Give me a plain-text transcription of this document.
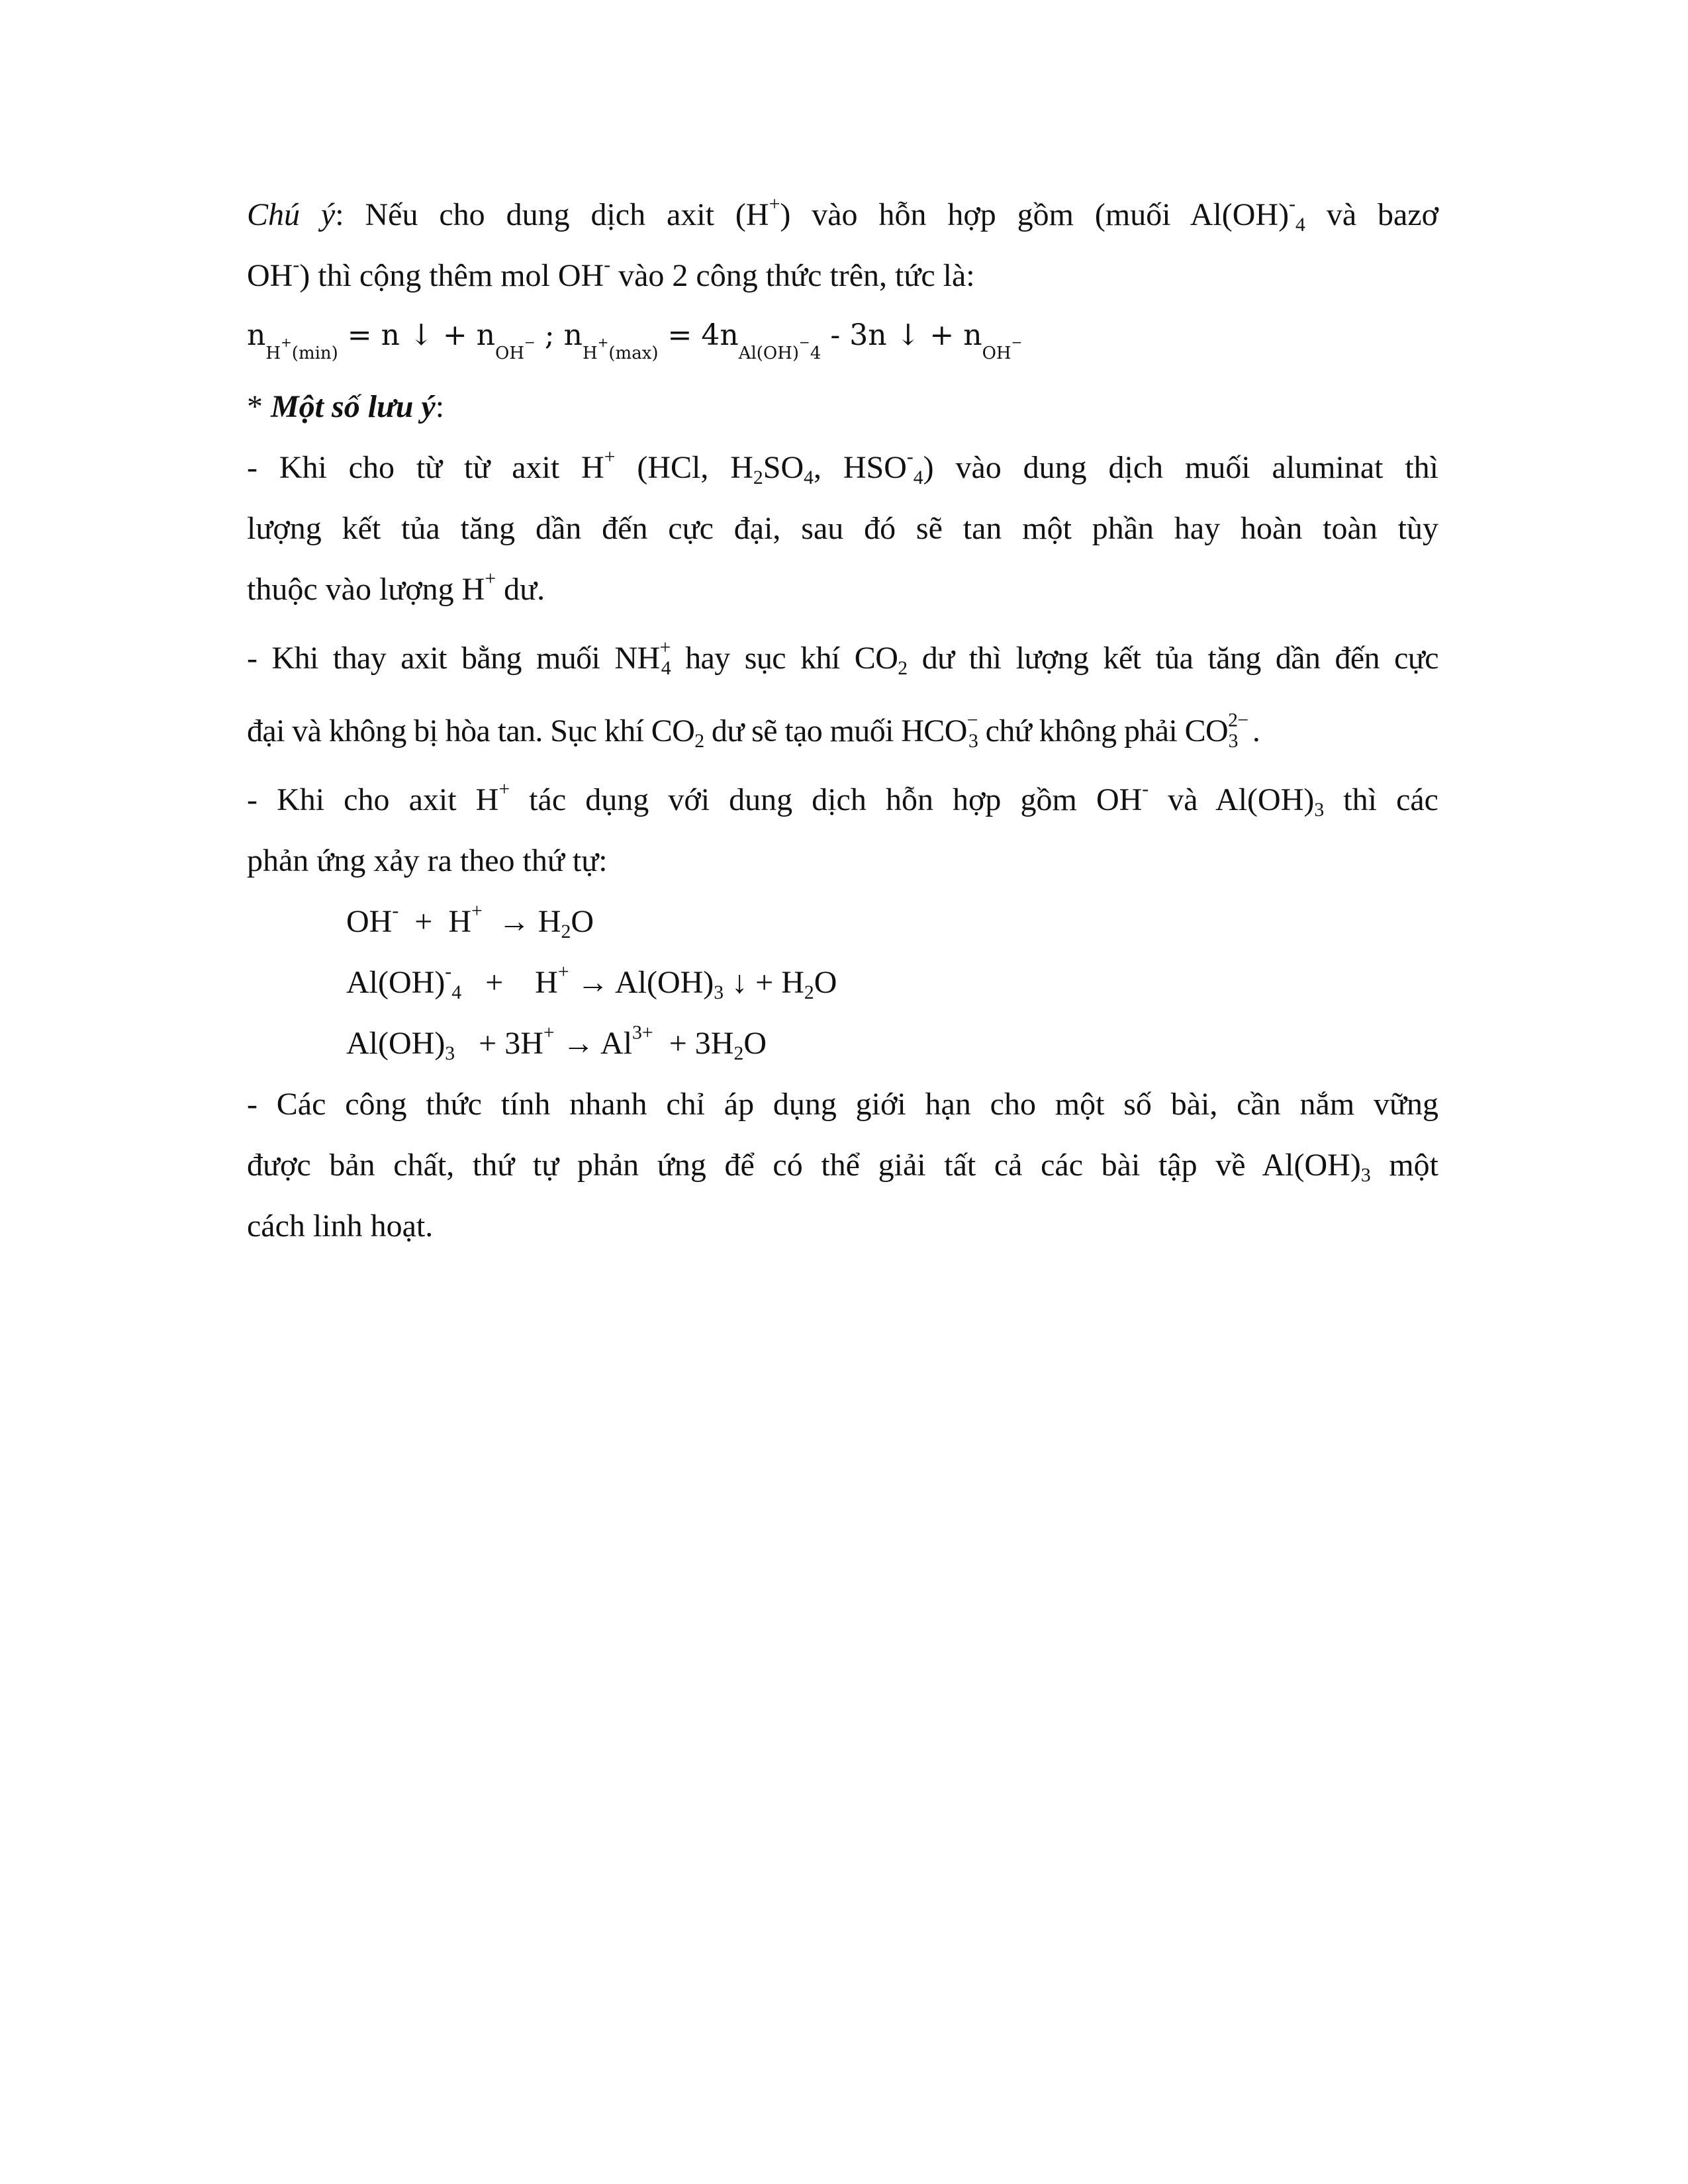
Chú ý: Nếu cho dung dịch axit (H+) vào hỗn hợp gồm (muối $Al(OH)^-_4$ và bazơ
OH-) thì cộng thêm mol OH- vào 2 công thức trên, tức là:
$n_{H^+(min)} = n$ ↓ + $n_{OH^-}$ ; $n_{H^+(max)} = 4n_{Al(OH)^-4} - 3n$ ↓ + $n_{OH^-}$
* Một số lưu ý:
- Khi cho từ từ axit H+ (HCl, $H_2SO_4$, $HSO^-_4$) vào dung dịch muối aluminat thì
lượng kết tủa tăng dần đến cực đại, sau đó sẽ tan một phần hay hoàn toàn tùy
thuộc vào lượng H+ dư.
- Khi thay axit bằng muối $NH^+_4$ hay sục khí $CO_2$ dư thì lượng kết tủa tăng dần đến cực
đại và không bị hòa tan. Sục khí $CO_2$ dư sẽ tạo muối $HCO^-_3$ chứ không phải $CO^{2-}_3$ .
- Khi cho axit H+ tác dụng với dung dịch hỗn hợp gồm OH- và $Al(OH)_3$ thì các
phản ứng xảy ra theo thứ tự:
$OH^- + H^+ \to H_2O$
$Al(OH)^-_4 + H^+ \to Al(OH)_3$ ↓ + $H_2O$
$Al(OH)_3 + 3H^+ \to Al^{3+} + 3H_2O$
- Các công thức tính nhanh chỉ áp dụng giới hạn cho một số bài, cần nắm vững
được bản chất, thứ tự phản ứng để có thể giải tất cả các bài tập về $Al(OH)_3$ một
cách linh hoạt.
